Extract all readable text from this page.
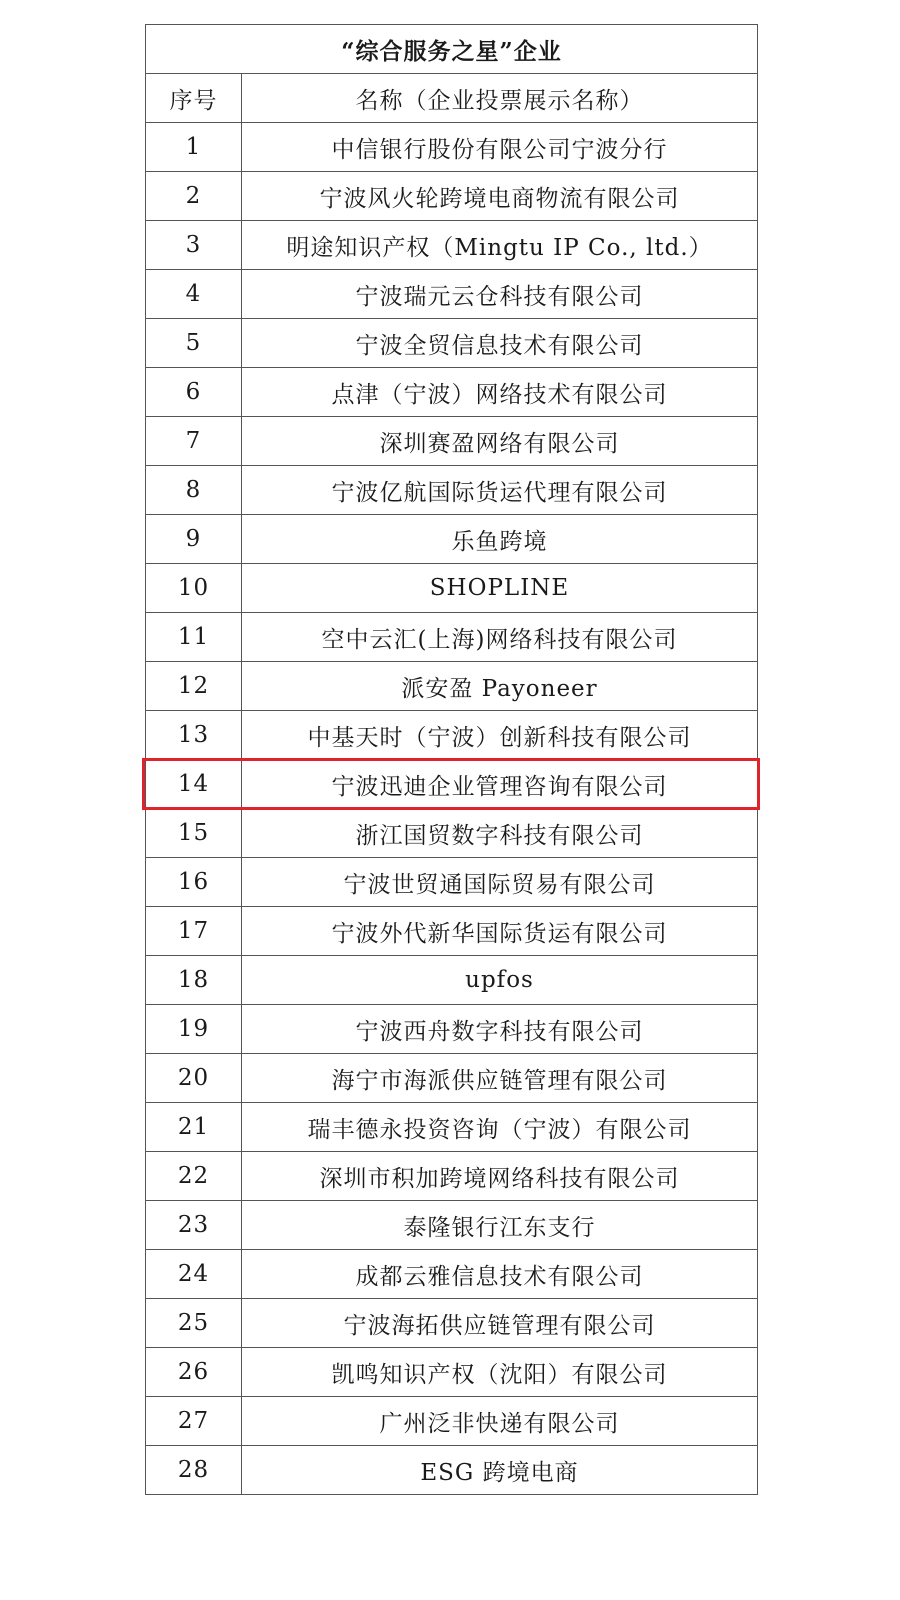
“综合服务之星”企业	
序号	名称（企业投票展示名称）
1	中信银行股份有限公司宁波分行
2	宁波风火轮跨境电商物流有限公司
3	明途知识产权（Mingtu IP Co., ltd.）
4	宁波瑞元云仓科技有限公司
5	宁波全贸信息技术有限公司
6	点津（宁波）网络技术有限公司
7	深圳赛盈网络有限公司
8	宁波亿航国际货运代理有限公司
9	乐鱼跨境
10	SHOPLINE
11	空中云汇(上海)网络科技有限公司
12	派安盈 Payoneer
13	中基天时（宁波）创新科技有限公司
14	宁波迅迪企业管理咨询有限公司
15	浙江国贸数字科技有限公司
16	宁波世贸通国际贸易有限公司
17	宁波外代新华国际货运有限公司
18	upfos
19	宁波西舟数字科技有限公司
20	海宁市海派供应链管理有限公司
21	瑞丰德永投资咨询（宁波）有限公司
22	深圳市积加跨境网络科技有限公司
23	泰隆银行江东支行
24	成都云雅信息技术有限公司
25	宁波海拓供应链管理有限公司
26	凯鸣知识产权（沈阳）有限公司
27	广州泛非快递有限公司
28	ESG 跨境电商
